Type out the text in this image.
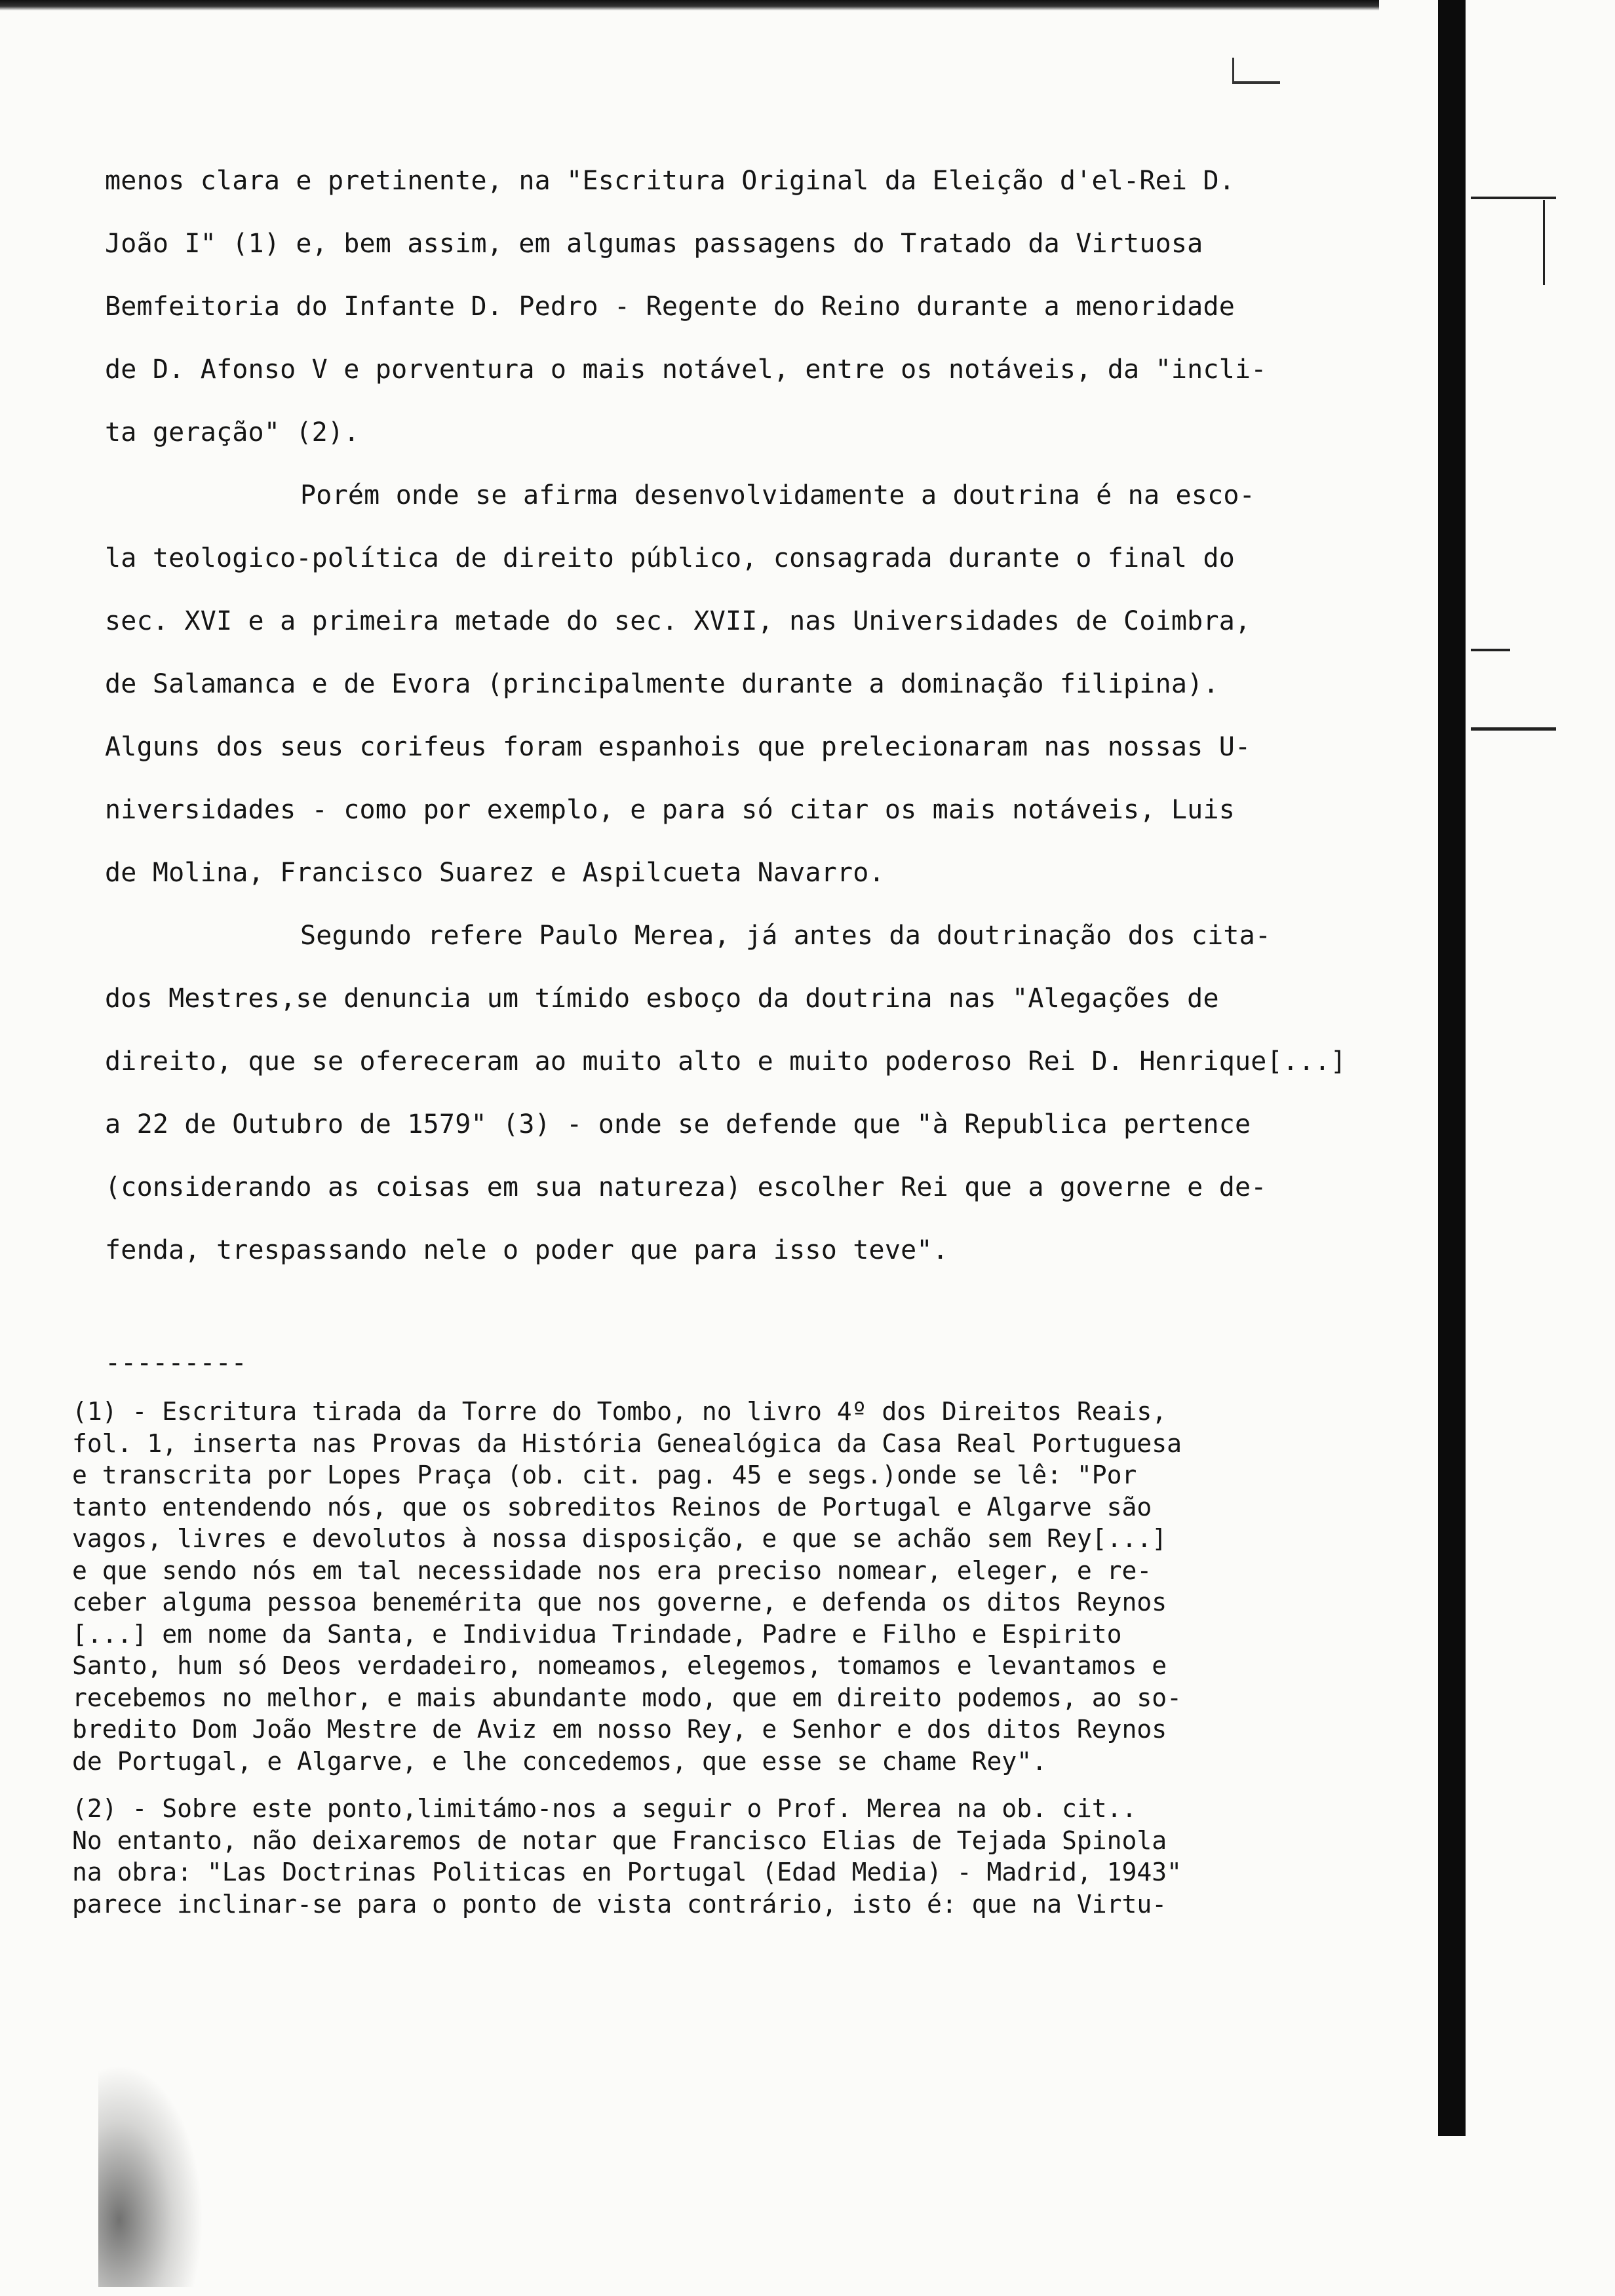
menos clara e pretinente, na "Escritura Original da Eleição d'el-Rei D.
João I" (1) e, bem assim, em algumas passagens do Tratado da Virtuosa
Bemfeitoria do Infante D. Pedro - Regente do Reino durante a menoridade
de D. Afonso V e porventura o mais notável, entre os notáveis, da "incli-
ta geração" (2).
Porém onde se afirma desenvolvidamente a doutrina é na esco-
la teologico-política de direito público, consagrada durante o final do
sec. XVI e a primeira metade do sec. XVII, nas Universidades de Coimbra,
de Salamanca e de Evora (principalmente durante a dominação filipina).
Alguns dos seus corifeus foram espanhois que prelecionaram nas nossas U-
niversidades - como por exemplo, e para só citar os mais notáveis, Luis
de Molina, Francisco Suarez e Aspilcueta Navarro.
Segundo refere Paulo Merea, já antes da doutrinação dos cita-
dos Mestres,se denuncia um tímido esboço da doutrina nas "Alegações de
direito, que se ofereceram ao muito alto e muito poderoso Rei D. Henrique[...]
a 22 de Outubro de 1579" (3) - onde se defende que "à Republica pertence
(considerando as coisas em sua natureza) escolher Rei que a governe e de-
fenda, trespassando nele o poder que para isso teve".
---------
(1) - Escritura tirada da Torre do Tombo, no livro 4º dos Direitos Reais,
fol. 1, inserta nas Provas da História Genealógica da Casa Real Portuguesa
e transcrita por Lopes Praça (ob. cit. pag. 45 e segs.)onde se lê: "Por
tanto entendendo nós, que os sobreditos Reinos de Portugal e Algarve são
vagos, livres e devolutos à nossa disposição, e que se achão sem Rey[...]
e que sendo nós em tal necessidade nos era preciso nomear, eleger, e re-
ceber alguma pessoa benemérita que nos governe, e defenda os ditos Reynos
[...] em nome da Santa, e Individua Trindade, Padre e Filho e Espirito
Santo, hum só Deos verdadeiro, nomeamos, elegemos, tomamos e levantamos e
recebemos no melhor, e mais abundante modo, que em direito podemos, ao so-
bredito Dom João Mestre de Aviz em nosso Rey, e Senhor e dos ditos Reynos
de Portugal, e Algarve, e lhe concedemos, que esse se chame Rey".
(2) - Sobre este ponto,limitámo-nos a seguir o Prof. Merea na ob. cit..
No entanto, não deixaremos de notar que Francisco Elias de Tejada Spinola
na obra: "Las Doctrinas Politicas en Portugal (Edad Media) - Madrid, 1943"
parece inclinar-se para o ponto de vista contrário, isto é: que na Virtu-
